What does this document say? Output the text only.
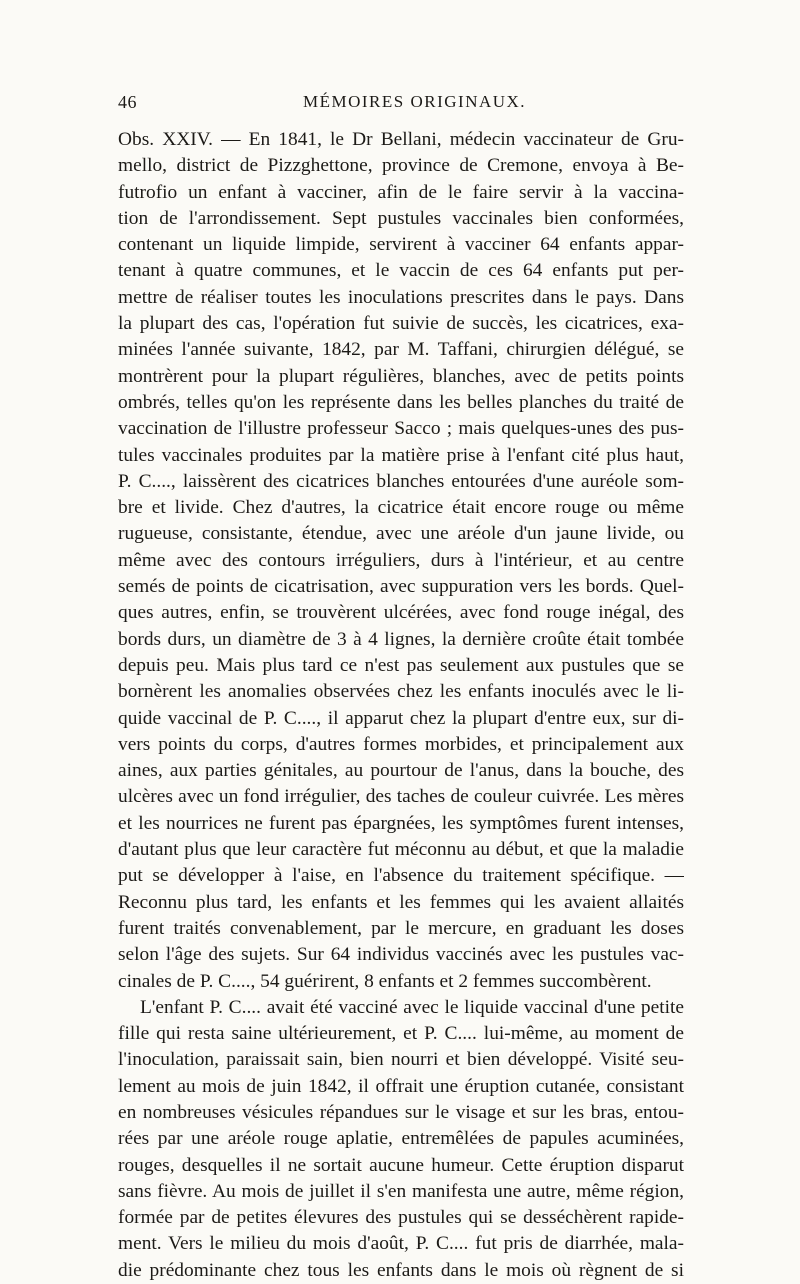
46	MÉMOIRES ORIGINAUX.
Obs. XXIV. — En 1841, le Dr Bellani, médecin vaccinateur de Gru-
mello, district de Pizzghettone, province de Cremone, envoya à Be-
futrofio un enfant à vacciner, afin de le faire servir à la vaccina-
tion de l'arrondissement. Sept pustules vaccinales bien conformées,
contenant un liquide limpide, servirent à vacciner 64 enfants appar-
tenant à quatre communes, et le vaccin de ces 64 enfants put per-
mettre de réaliser toutes les inoculations prescrites dans le pays. Dans
la plupart des cas, l'opération fut suivie de succès, les cicatrices, exa-
minées l'année suivante, 1842, par M. Taffani, chirurgien délégué, se
montrèrent pour la plupart régulières, blanches, avec de petits points
ombrés, telles qu'on les représente dans les belles planches du traité de
vaccination de l'illustre professeur Sacco ; mais quelques-unes des pus-
tules vaccinales produites par la matière prise à l'enfant cité plus haut,
P. C...., laissèrent des cicatrices blanches entourées d'une auréole som-
bre et livide. Chez d'autres, la cicatrice était encore rouge ou même
rugueuse, consistante, étendue, avec une aréole d'un jaune livide, ou
même avec des contours irréguliers, durs à l'intérieur, et au centre
semés de points de cicatrisation, avec suppuration vers les bords. Quel-
ques autres, enfin, se trouvèrent ulcérées, avec fond rouge inégal, des
bords durs, un diamètre de 3 à 4 lignes, la dernière croûte était tombée
depuis peu. Mais plus tard ce n'est pas seulement aux pustules que se
bornèrent les anomalies observées chez les enfants inoculés avec le li-
quide vaccinal de P. C...., il apparut chez la plupart d'entre eux, sur di-
vers points du corps, d'autres formes morbides, et principalement aux
aines, aux parties génitales, au pourtour de l'anus, dans la bouche, des
ulcères avec un fond irrégulier, des taches de couleur cuivrée. Les mères
et les nourrices ne furent pas épargnées, les symptômes furent intenses,
d'autant plus que leur caractère fut méconnu au début, et que la maladie
put se développer à l'aise, en l'absence du traitement spécifique. —
Reconnu plus tard, les enfants et les femmes qui les avaient allaités
furent traités convenablement, par le mercure, en graduant les doses
selon l'âge des sujets. Sur 64 individus vaccinés avec les pustules vac-
cinales de P. C...., 54 guérirent, 8 enfants et 2 femmes succombèrent.
L'enfant P. C.... avait été vacciné avec le liquide vaccinal d'une petite
fille qui resta saine ultérieurement, et P. C.... lui-même, au moment de
l'inoculation, paraissait sain, bien nourri et bien développé. Visité seu-
lement au mois de juin 1842, il offrait une éruption cutanée, consistant
en nombreuses vésicules répandues sur le visage et sur les bras, entou-
rées par une aréole rouge aplatie, entremêlées de papules acuminées,
rouges, desquelles il ne sortait aucune humeur. Cette éruption disparut
sans fièvre. Au mois de juillet il s'en manifesta une autre, même région,
formée par de petites élevures des pustules qui se desséchèrent rapide-
ment. Vers le milieu du mois d'août, P. C.... fut pris de diarrhée, mala-
die prédominante chez tous les enfants dans le mois où règnent de si
